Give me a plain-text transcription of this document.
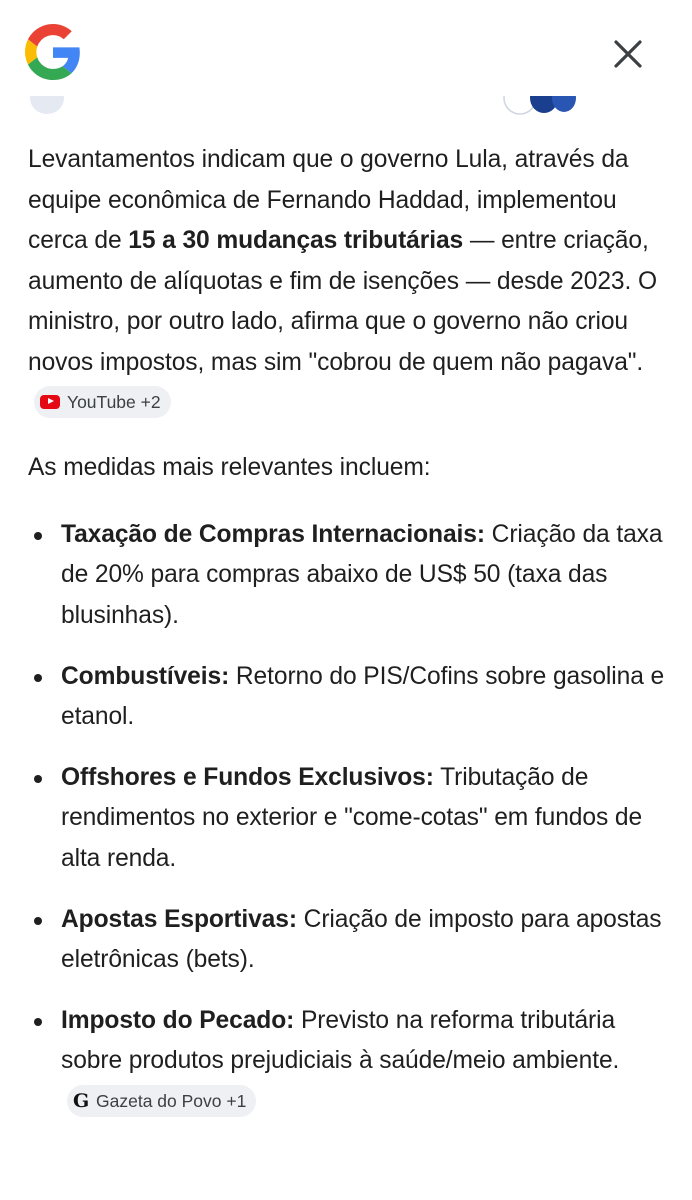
Levantamentos indicam que o governo Lula, através da equipe econômica de Fernando Haddad, implementou cerca de 15 a 30 mudanças tributárias — entre criação, aumento de alíquotas e fim de isenções — desde 2023. O ministro, por outro lado, afirma que o governo não criou novos impostos, mas sim "cobrou de quem não pagava".
YouTube +2

As medidas mais relevantes incluem:

Taxação de Compras Internacionais: Criação da taxa de 20% para compras abaixo de US$ 50 (taxa das blusinhas).
Combustíveis: Retorno do PIS/Cofins sobre gasolina e etanol.
Offshores e Fundos Exclusivos: Tributação de rendimentos no exterior e "come-cotas" em fundos de alta renda.
Apostas Esportivas: Criação de imposto para apostas eletrônicas (bets).
Imposto do Pecado: Previsto na reforma tributária sobre produtos prejudiciais à saúde/meio ambiente.
G Gazeta do Povo +1
